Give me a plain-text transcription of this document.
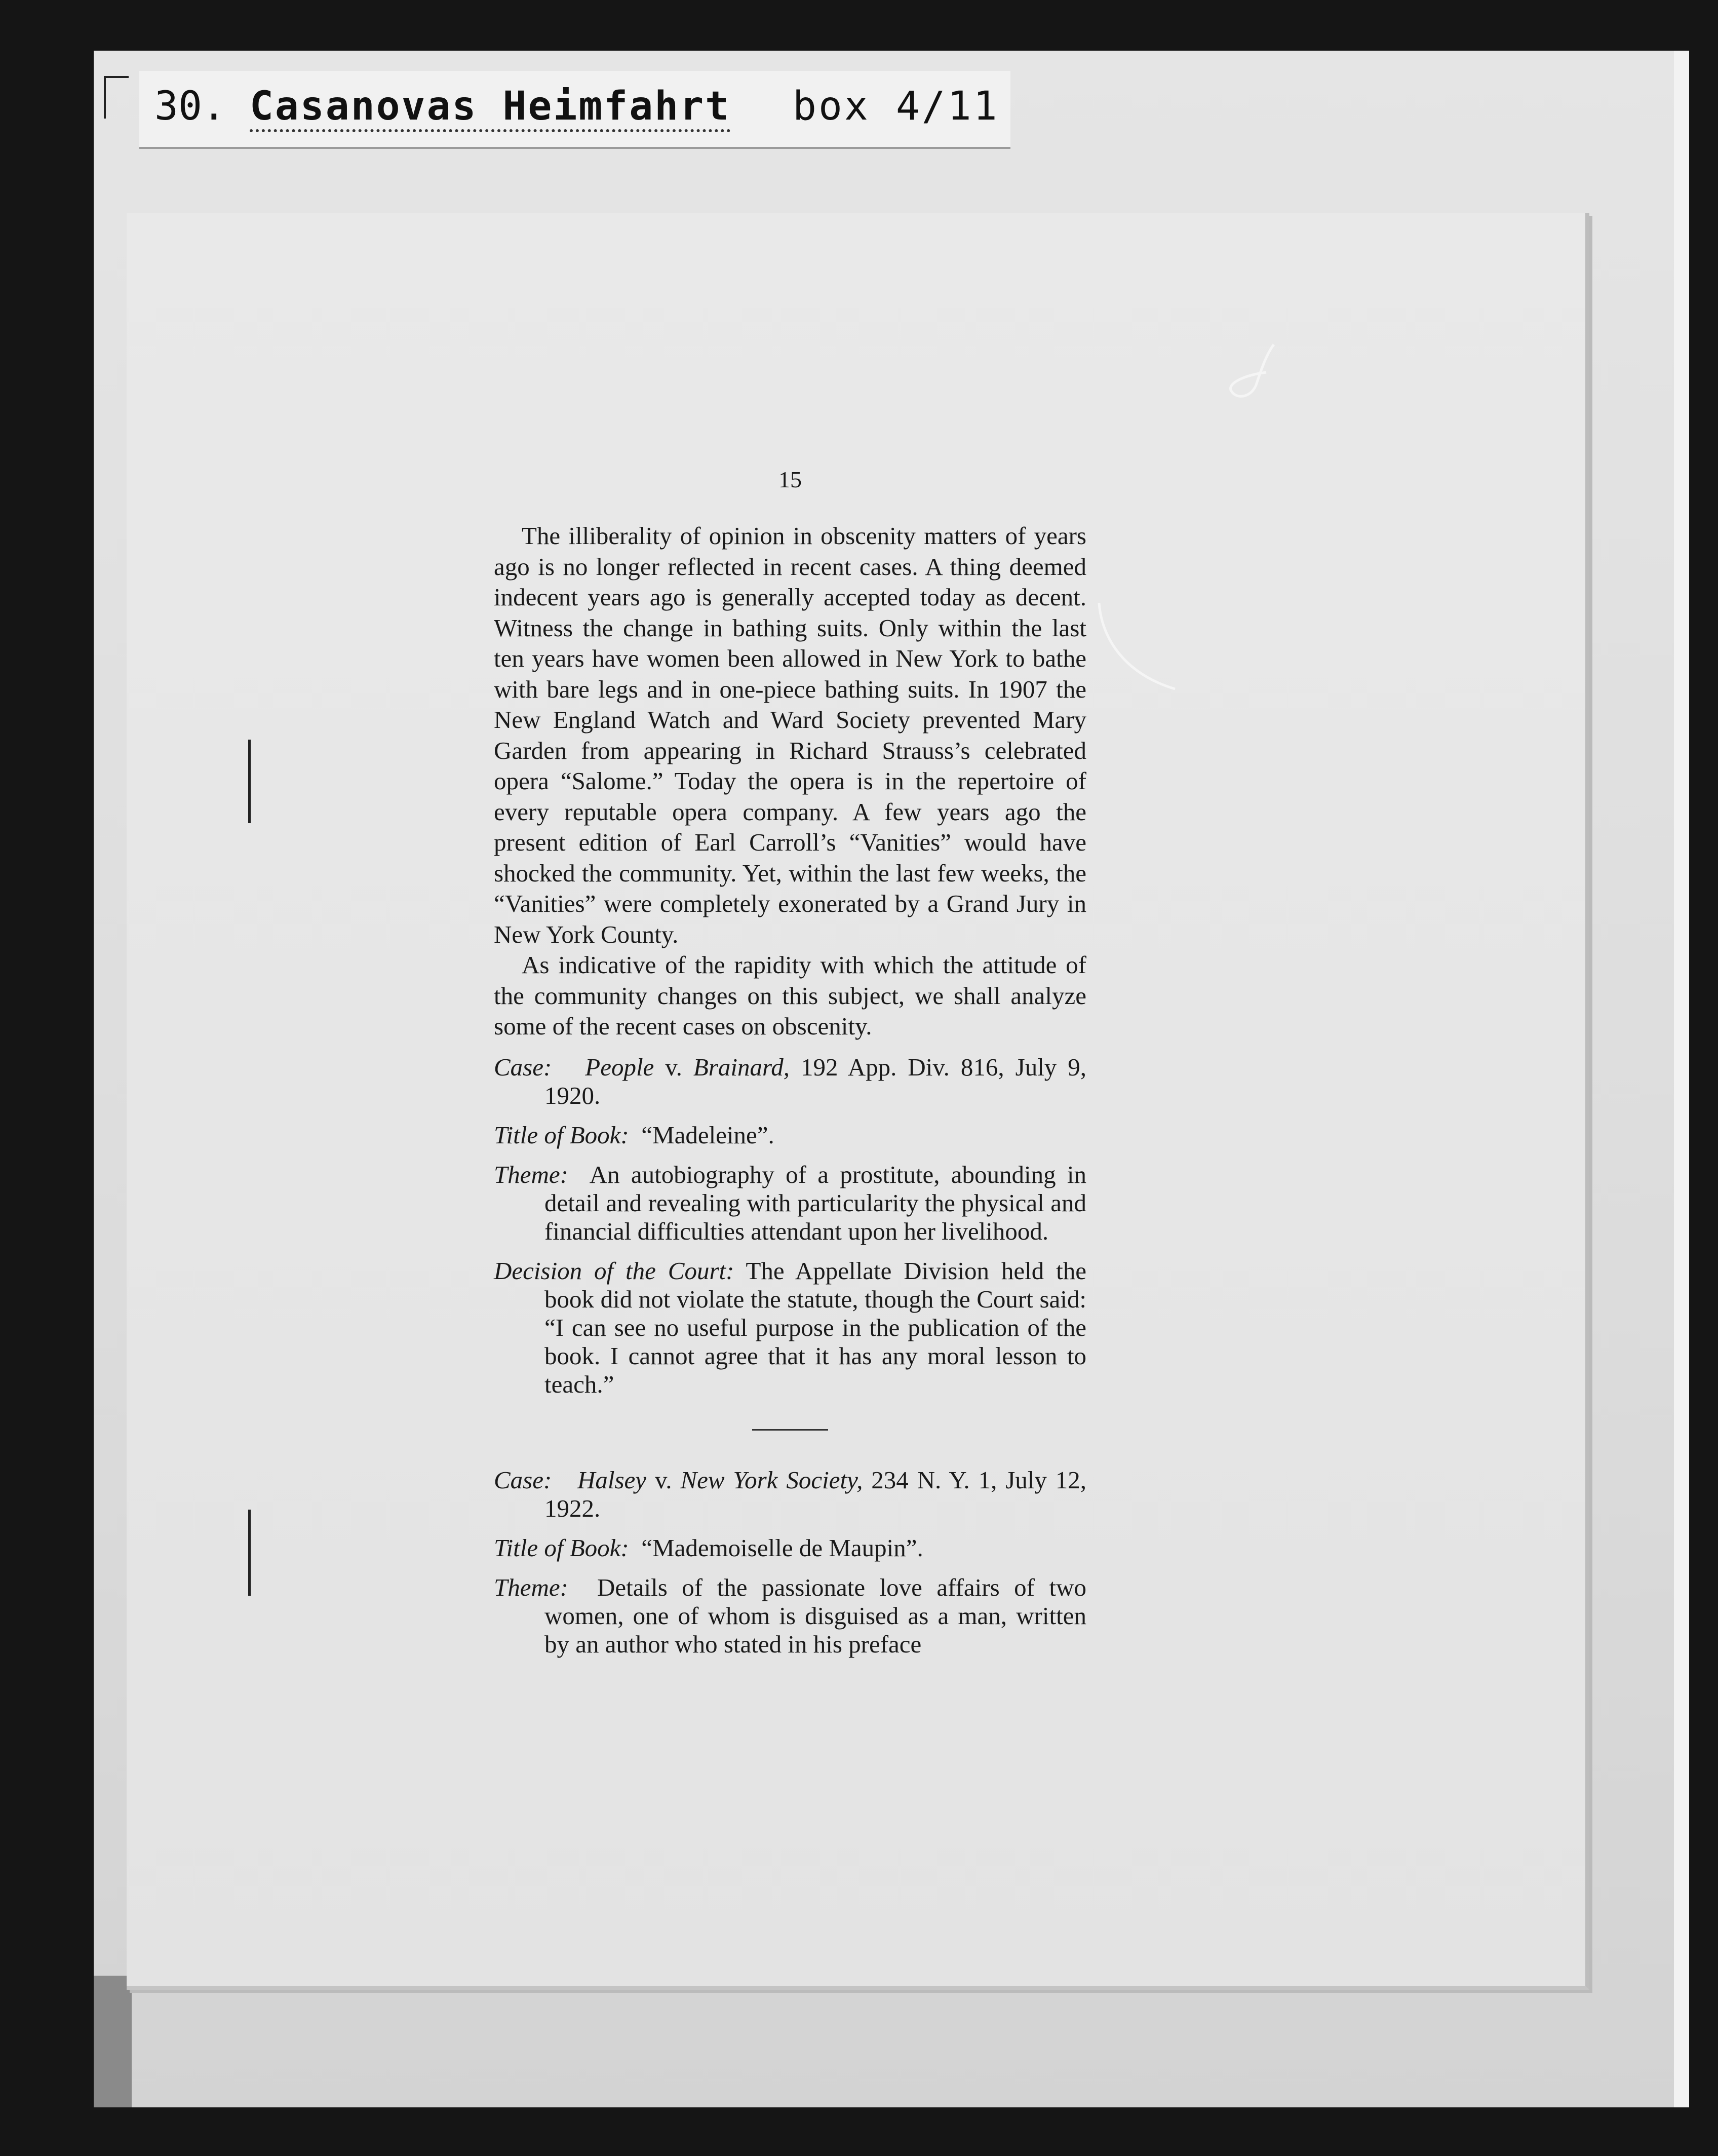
30. Casanovas Heimfahrt box 4/11
15

The illiberality of opinion in obscenity matters of years ago is no longer reflected in recent cases. A thing deemed indecent years ago is generally accepted today as decent. Witness the change in bathing suits. Only within the last ten years have women been allowed in New York to bathe with bare legs and in one-piece bathing suits. In 1907 the New England Watch and Ward Society prevented Mary Garden from appearing in Richard Strauss’s celebrated opera “Salome.” Today the opera is in the repertoire of every reputable opera company. A few years ago the present edition of Earl Carroll’s “Vanities” would have shocked the community. Yet, within the last few weeks, the “Vanities” were completely exonerated by a Grand Jury in New York County.

As indicative of the rapidity with which the attitude of the community changes on this subject, we shall analyze some of the recent cases on obscenity.

Case: People v. Brainard, 192 App. Div. 816, July 9, 1920.

Title of Book: “Madeleine”.

Theme: An autobiography of a prostitute, abounding in detail and revealing with particularity the physical and financial difficulties attendant upon her livelihood.

Decision of the Court: The Appellate Division held the book did not violate the statute, though the Court said: “I can see no useful purpose in the publication of the book. I cannot agree that it has any moral lesson to teach.”

Case: Halsey v. New York Society, 234 N. Y. 1, July 12, 1922.

Title of Book: “Mademoiselle de Maupin”.

Theme: Details of the passionate love affairs of two women, one of whom is disguised as a man, written by an author who stated in his preface
